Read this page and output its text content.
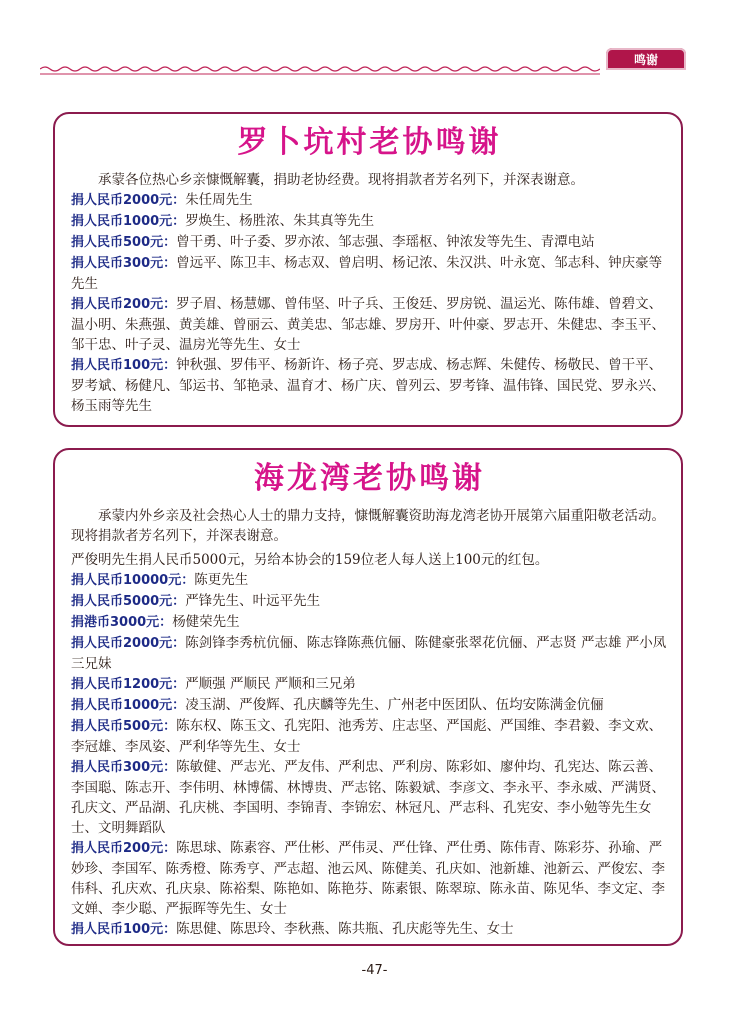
鸣谢
罗卜坑村老协鸣谢

承蒙各位热心乡亲慷慨解囊，捐助老协经费。现将捐款者芳名列下，并深表谢意。

捐人民币2000元：朱任周先生

捐人民币1000元：罗焕生、杨胜浓、朱其真等先生

捐人民币500元：曾干勇、叶子委、罗亦浓、邹志强、李瑶枢、钟浓发等先生、青潭电站

捐人民币300元：曾远平、陈卫丰、杨志双、曾启明、杨记浓、朱汉洪、叶永宽、邹志科、钟庆豪等先生

捐人民币200元：罗子眉、杨慧娜、曾伟坚、叶子兵、王俊廷、罗房锐、温运光、陈伟雄、曾碧文、温小明、朱燕强、黄美雄、曾丽云、黄美忠、邹志雄、罗房开、叶仲豪、罗志开、朱健忠、李玉平、邹干忠、叶子灵、温房光等先生、女士

捐人民币100元：钟秋强、罗伟平、杨新许、杨子亮、罗志成、杨志辉、朱健传、杨敬民、曾干平、罗考斌、杨健凡、邹运书、邹艳录、温育才、杨广庆、曾列云、罗考锋、温伟锋、国民党、罗永兴、杨玉雨等先生

海龙湾老协鸣谢

承蒙内外乡亲及社会热心人士的鼎力支持，慷慨解囊资助海龙湾老协开展第六届重阳敬老活动。现将捐款者芳名列下，并深表谢意。

严俊明先生捐人民币5000元，另给本协会的159位老人每人送上100元的红包。

捐人民币10000元：陈更先生

捐人民币5000元：严锋先生、叶远平先生

捐港币3000元：杨健荣先生

捐人民币2000元：陈剑锋李秀杭伉俪、陈志锋陈燕伉俪、陈健豪张翠花伉俪、严志贤 严志雄 严小凤三兄妹

捐人民币1200元：严顺强 严顺民 严顺和三兄弟

捐人民币1000元：凌玉湖、严俊辉、孔庆麟等先生、广州老中医团队、伍均安陈满金伉俪

捐人民币500元：陈东权、陈玉文、孔宪阳、池秀芳、庄志坚、严国彪、严国维、李君毅、李文欢、李冠雄、李凤姿、严利华等先生、女士

捐人民币300元：陈敏健、严志光、严友伟、严利忠、严利房、陈彩如、廖仲均、孔宪达、陈云善、李国聪、陈志开、李伟明、林博儒、林博贵、严志铭、陈毅斌、李彦文、李永平、李永威、严满贤、孔庆文、严品湖、孔庆桃、李国明、李锦青、李锦宏、林冠凡、严志科、孔宪安、李小勉等先生女士、文明舞蹈队

捐人民币200元：陈思球、陈素容、严仕彬、严伟灵、严仕锋、严仕勇、陈伟青、陈彩芬、孙瑜、严妙珍、李国军、陈秀橙、陈秀亨、严志超、池云风、陈健美、孔庆如、池新雄、池新云、严俊宏、李伟科、孔庆欢、孔庆泉、陈裕梨、陈艳如、陈艳芬、陈素银、陈翠琼、陈永苗、陈见华、李文定、李文婵、李少聪、严振晖等先生、女士

捐人民币100元：陈思健、陈思玲、李秋燕、陈共瓶、孔庆彪等先生、女士

-47-
